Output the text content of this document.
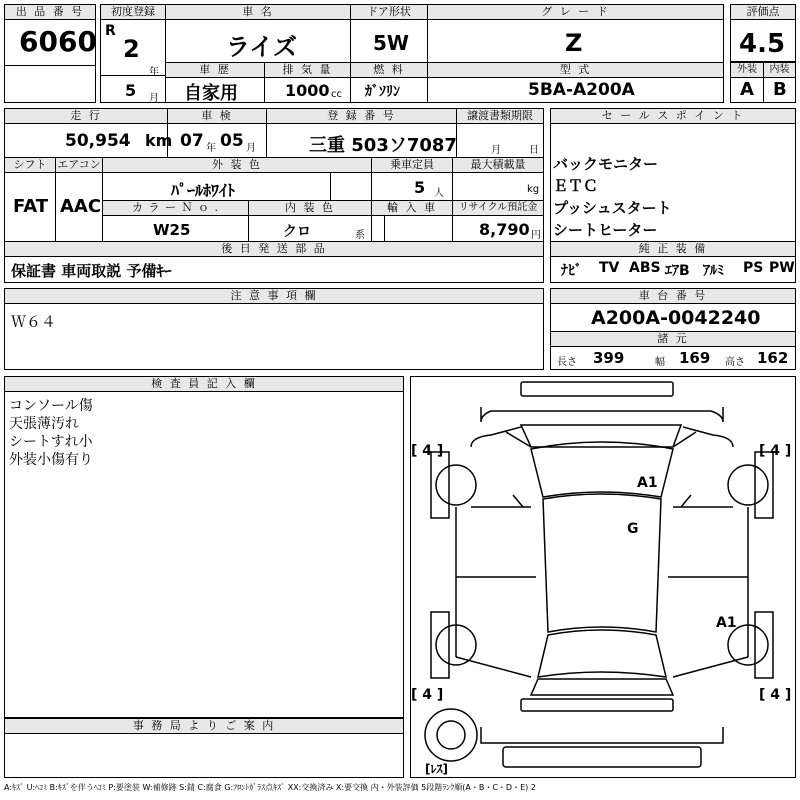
出 品 番 号
6060
初度登録
R
2
年
5 月
車 名
ライズ
ドア形状
5W
グ レ ー ド
Z
評価点
4.5
車 歴
自家用
排 気 量
1000 cc
燃 料
ｶﾞｿﾘﾝ
型 式
5BA-A200A
外装
A
内装
B
走 行
50,954 km
車 検
07 年 05 月
登 録 番 号
三重 503ソ7087
譲渡書類期限
月	日
セ ー ル ス ポ イ ン ト
バックモニター
ＥＴＣ
プッシュスタート
シートヒーター
シフト
FAT
エアコン
AAC
外 装 色
ﾊﾟｰﾙﾎﾜｲﾄ
乗車定員
5 人
最大積載量
kg
カ ラ ー Ｎ ｏ .
W25
内 装 色
クロ	系
輸 入 車	リサイクル預託金
8,790 円
後 日 発 送 部 品
保証書 車両取説 予備ｷｰ
純 正 装 備
ﾅﾋﾞ TV ABS ｴｱB ｱﾙﾐ PS PW
注 意 事 項 欄
Ｗ６４
車 台 番 号
A200A-0042240
諸 元
長さ 399	幅 169 高さ 162
検 査 員 記 入 欄
コンソール傷
天張薄汚れ
シートすれ小
外装小傷有り
事 務 局 よ り ご 案 内
[ 4 ]	[ 4 ]
[ 4 ]	[ 4 ]
A1
G
A1
[ﾚｽ]
A:ｷｽﾞ U:ﾍｺﾐ B:ｷｽﾞを伴うﾍｺﾐ P:要塗装 W:補修跡 S:錆 C:腐食 G:ﾌﾛﾝﾄｶﾞﾗｽ点ｷｽﾞ XX:交換済み X:要交換 内・外装評価 5段階ﾗﾝｸ順(A・B・C・D・E) 2
